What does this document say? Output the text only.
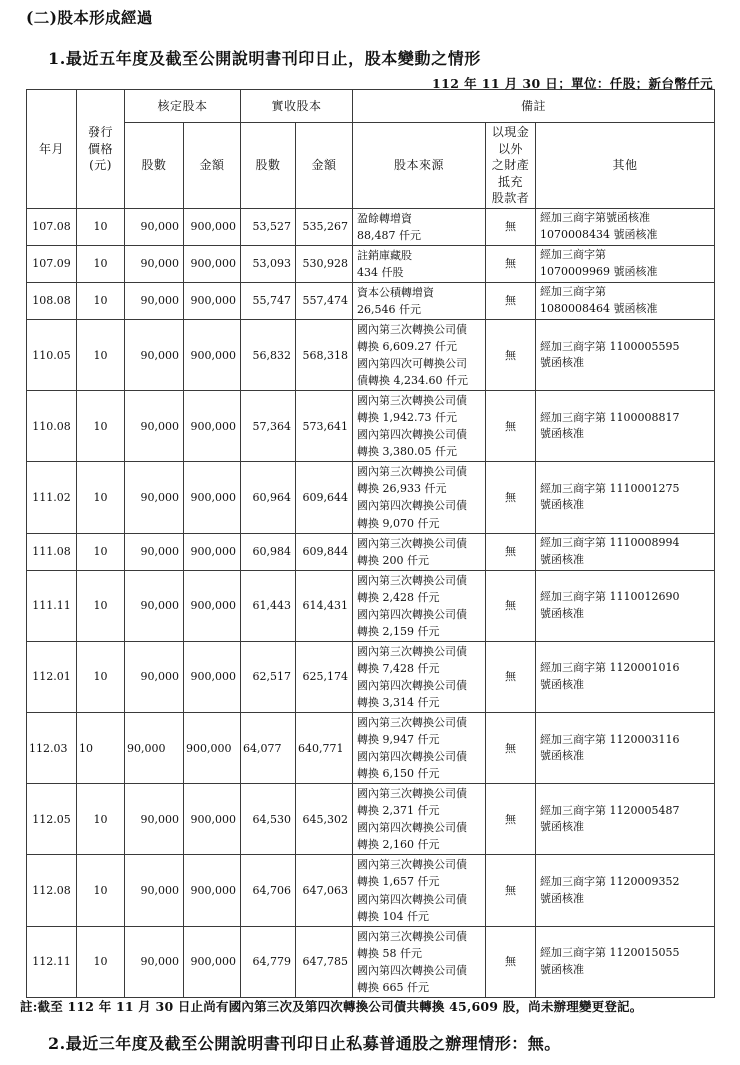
(二)股本形成經過
1.最近五年度及截至公開說明書刊印日止，股本變動之情形
112 年 11 月 30 日；單位：仟股；新台幣仟元
年月	發行
價格
(元)	核定股本		實收股本		備註		
		股數	金額	股數	金額	股本來源	以現金以外
之財產抵充
股款者	其他
107.08	10	90,000	900,000	53,527	535,267	盈餘轉增資
88,487 仟元	無	經加三商字第號函核准
1070008434 號函核准

107.09	10	90,000	900,000	53,093	530,928	註銷庫藏股
434 仟股	無	經加三商字第
1070009969 號函核准

108.08	10	90,000	900,000	55,747	557,474	資本公積轉增資
26,546 仟元	無	經加三商字第
1080008464 號函核准

110.05	10	90,000	900,000	56,832	568,318	國內第三次轉換公司債
轉換 6,609.27 仟元
國內第四次可轉換公司
債轉換 4,234.60 仟元	無	經加三商字第 1100005595
號函核准

110.08	10	90,000	900,000	57,364	573,641	國內第三次轉換公司債
轉換 1,942.73 仟元
國內第四次轉換公司債
轉換 3,380.05 仟元	無	經加三商字第 1100008817
號函核准

111.02	10	90,000	900,000	60,964	609,644	國內第三次轉換公司債
轉換 26,933 仟元
國內第四次轉換公司債
轉換 9,070 仟元	無	經加三商字第 1110001275
號函核准

111.08	10	90,000	900,000	60,984	609,844	國內第三次轉換公司債
轉換 200 仟元	無	經加三商字第 1110008994
號函核准

111.11	10	90,000	900,000	61,443	614,431	國內第三次轉換公司債
轉換 2,428 仟元
國內第四次轉換公司債
轉換 2,159 仟元	無	經加三商字第 1110012690
號函核准

112.01	10	90,000	900,000	62,517	625,174	國內第三次轉換公司債
轉換 7,428 仟元
國內第四次轉換公司債
轉換 3,314 仟元	無	經加三商字第 1120001016
號函核准

112.03	10	90,000	900,000	64,077	640,771	國內第三次轉換公司債
轉換 9,947 仟元
國內第四次轉換公司債
轉換 6,150 仟元	無	經加三商字第 1120003116
號函核准

112.05	10	90,000	900,000	64,530	645,302	國內第三次轉換公司債
轉換 2,371 仟元
國內第四次轉換公司債
轉換 2,160 仟元	無	經加三商字第 1120005487
號函核准

112.08	10	90,000	900,000	64,706	647,063	國內第三次轉換公司債
轉換 1,657 仟元
國內第四次轉換公司債
轉換 104 仟元	無	經加三商字第 1120009352
號函核准

112.11	10	90,000	900,000	64,779	647,785	國內第三次轉換公司債
轉換 58 仟元
國內第四次轉換公司債
轉換 665 仟元	無	經加三商字第 1120015055
號函核准
註:截至 112 年 11 月 30 日止尚有國內第三次及第四次轉換公司債共轉換 45,609 股，尚未辦理變更登記。
2.最近三年度及截至公開說明書刊印日止私募普通股之辦理情形：無。
